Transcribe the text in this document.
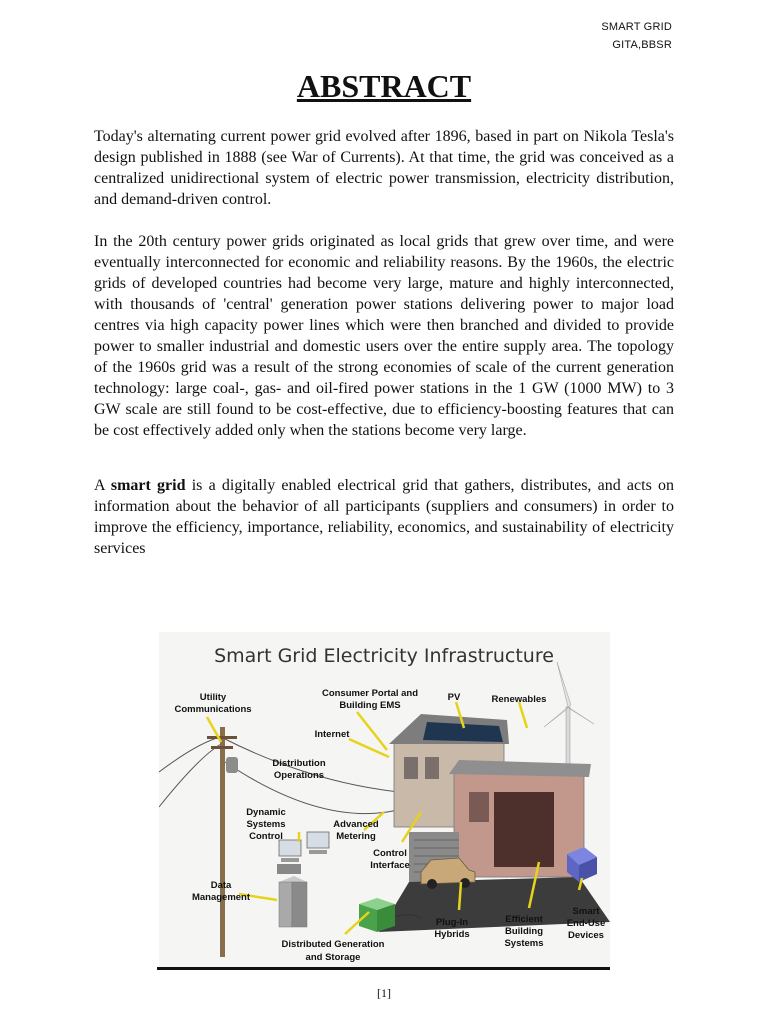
SMART GRID
GITA,BBSR
ABSTRACT

Today's alternating current power grid evolved after 1896, based in part on Nikola Tesla's design published in 1888 (see War of Currents). At that time, the grid was conceived as a centralized unidirectional system of electric power transmission, electricity distribution, and demand-driven control.

In the 20th century power grids originated as local grids that grew over time, and were eventually interconnected for economic and reliability reasons. By the 1960s, the electric grids of developed countries had become very large, mature and highly interconnected, with thousands of 'central' generation power stations delivering power to major load centres via high capacity power lines which were then branched and divided to provide power to smaller industrial and domestic users over the entire supply area. The topology of the 1960s grid was a result of the strong economies of scale of the current generation technology: large coal-, gas- and oil-fired power stations in the 1 GW (1000 MW) to 3 GW scale are still found to be cost-effective, due to efficiency-boosting features that can be cost effectively added only when the stations become very large.

A smart grid is a digitally enabled electrical grid that gathers, distributes, and acts on information about the behavior of all participants (suppliers and consumers) in order to improve the efficiency, importance, reliability, economics, and sustainability of electricity services

Smart Grid Electricity Infrastructure
Utility
Communications
Consumer Portal and
Building EMS
PV	Renewables
Internet
Distribution
Operations
Dynamic
Systems
Control
Advanced
Metering
Control
Interface
Data
Management
Distributed Generation
and Storage
Plug-In
Hybrids
Efficient
Building
Systems
Smart
End-Use
Devices
[1]
